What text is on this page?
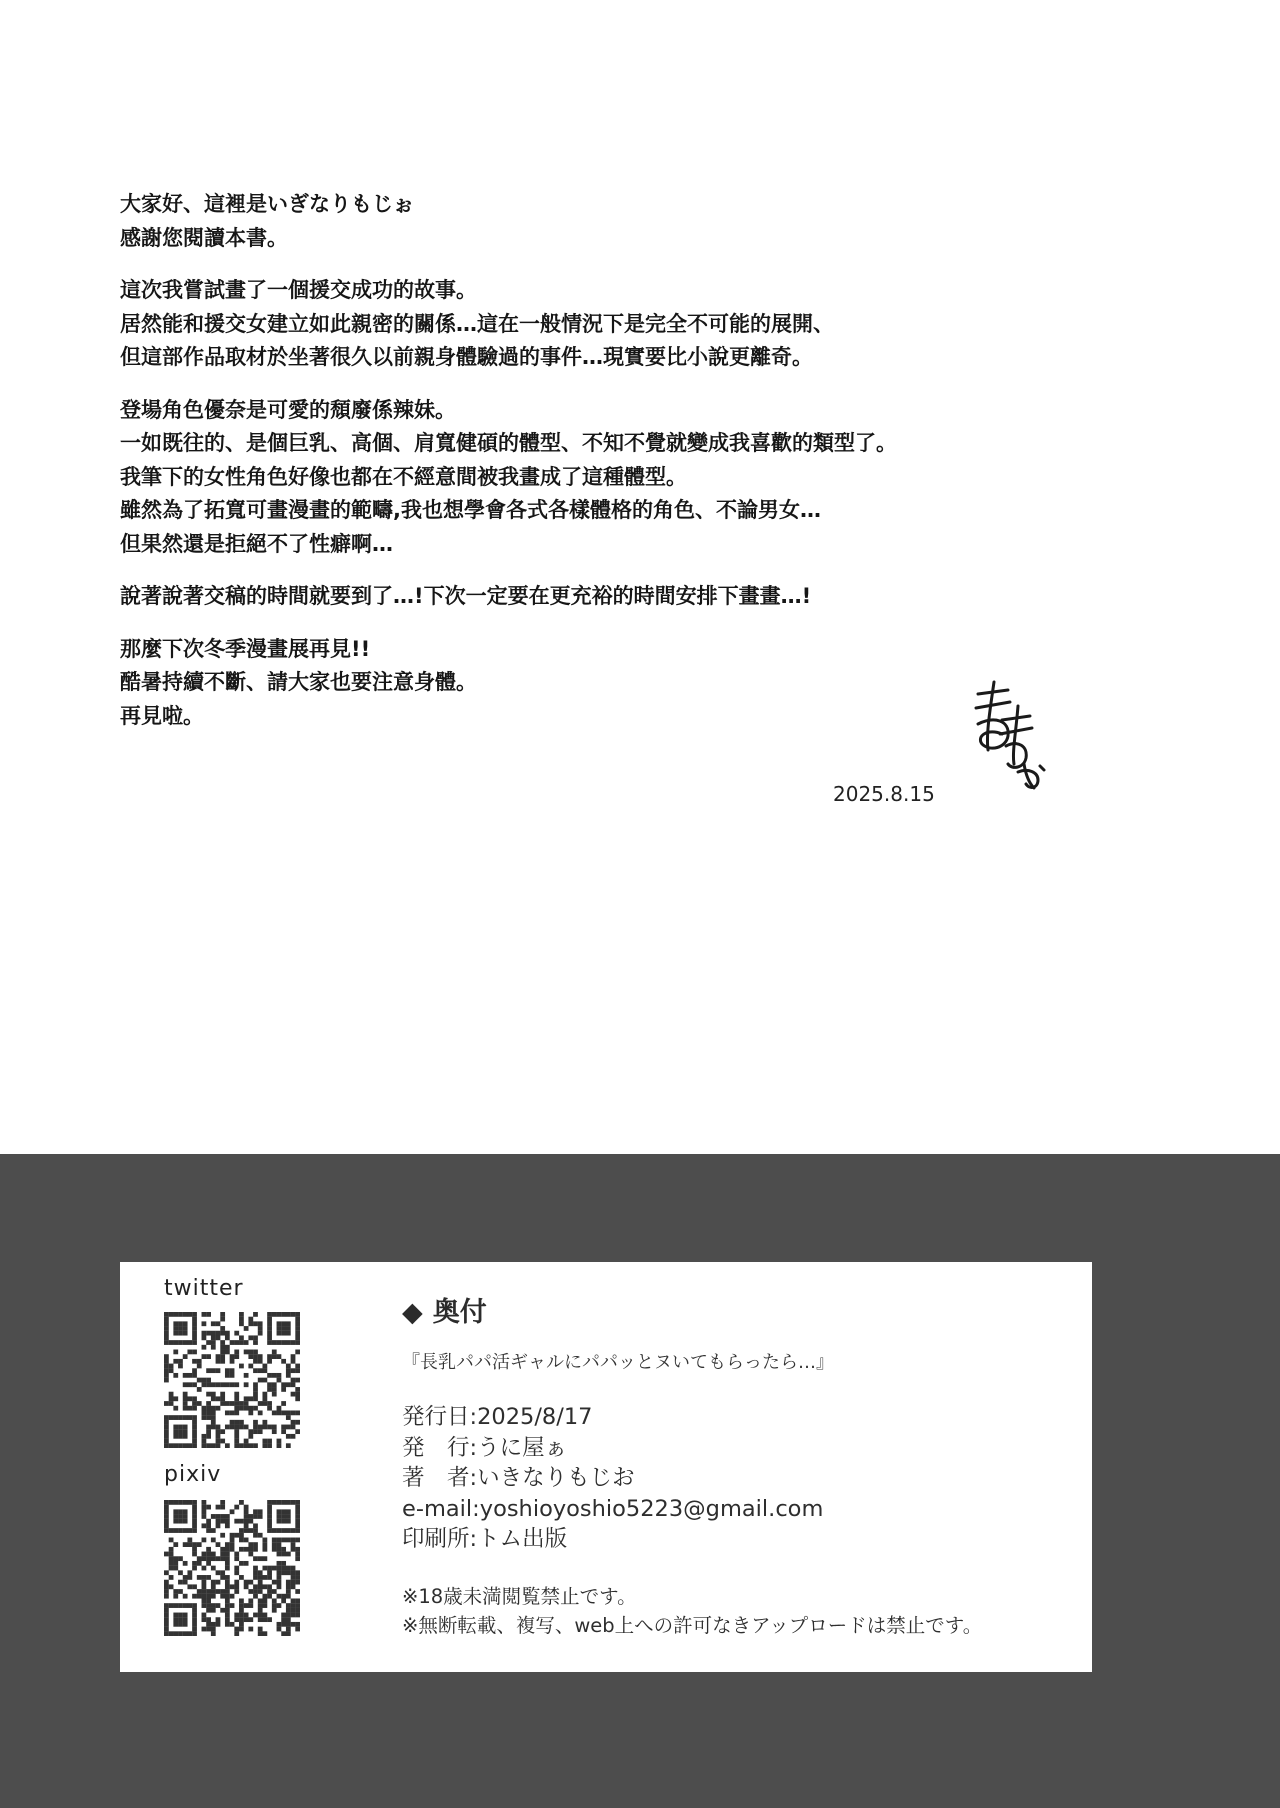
大家好、這裡是いぎなりもじぉ
感謝您閱讀本書。
這次我嘗試畫了一個援交成功的故事。
居然能和援交女建立如此親密的關係…這在一般情況下是完全不可能的展開、
但這部作品取材於坐著很久以前親身體驗過的事件…現實要比小說更離奇。
登場角色優奈是可愛的頹廢係辣妹。
一如既往的、是個巨乳、高個、肩寬健碩的體型、不知不覺就變成我喜歡的類型了。
我筆下的女性角色好像也都在不經意間被我畫成了這種體型。
雖然為了拓寬可畫漫畫的範疇,我也想學會各式各樣體格的角色、不論男女…
但果然還是拒絕不了性癖啊…
說著說著交稿的時間就要到了…!下次一定要在更充裕的時間安排下畫畫…!
那麼下次冬季漫畫展再見!!
酷暑持續不斷、請大家也要注意身體。
再見啦。
2025.8.15
twitter
pixiv
◆ 奥付
『長乳パパ活ギャルにパパッとヌいてもらったら…』
発行日:2025/8/17
発　行:うに屋ぁ
著　者:いきなりもじお
e-mail:yoshioyoshio5223@gmail.com
印刷所:トム出版
※18歳未満閲覧禁止です。
※無断転載、複写、web上への許可なきアップロードは禁止です。
